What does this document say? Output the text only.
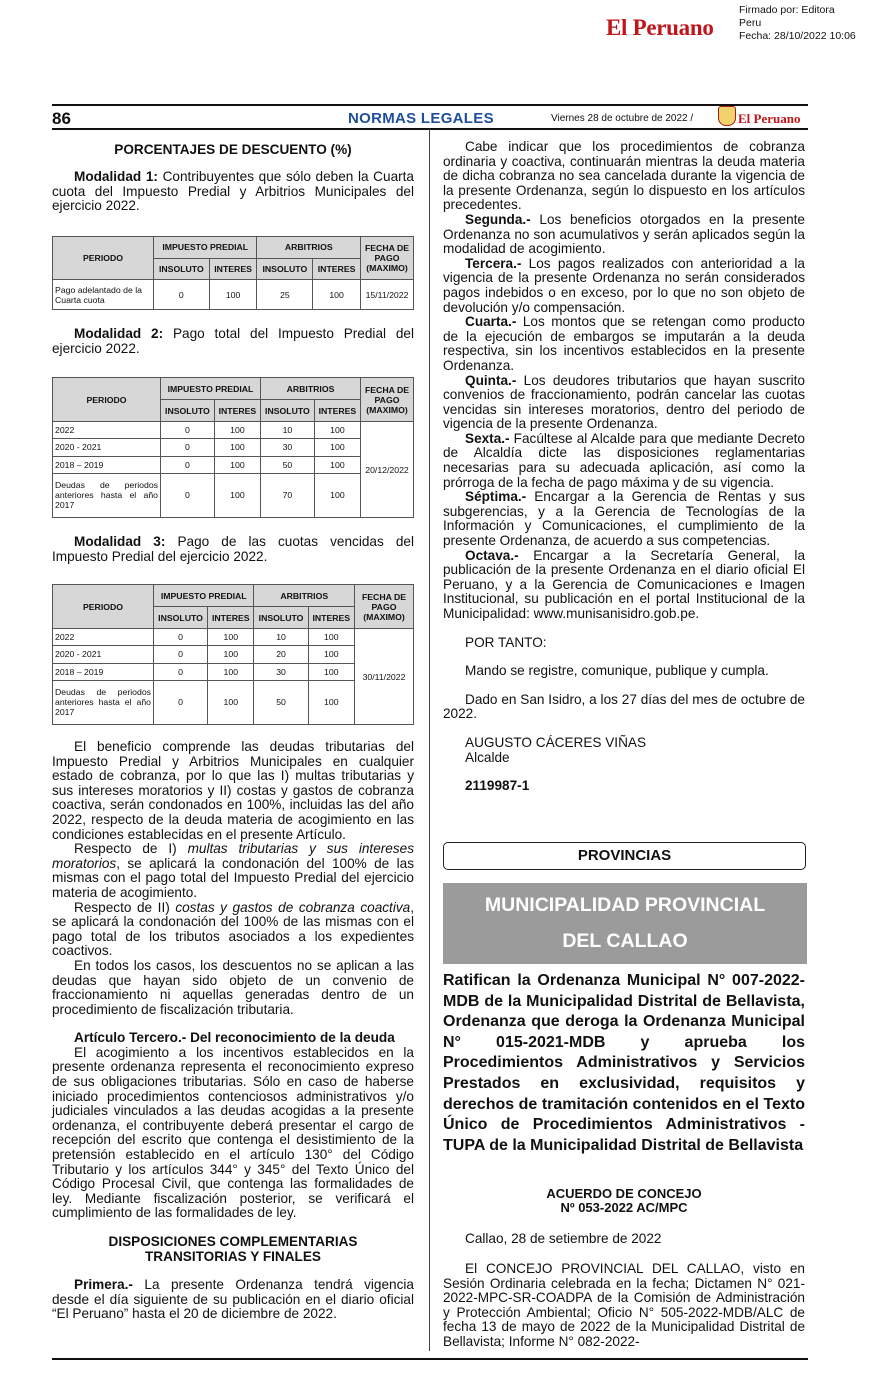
El Peruano
Firmado por: Editora
Peru
Fecha: 28/10/2022 10:06
86	NORMAS LEGALES	Viernes 28 de octubre de 2022 /	El Peruano
PORCENTAJES DE DESCUENTO (%)

Modalidad 1: Contribuyentes que sólo deben la Cuarta cuota del Impuesto Predial y Arbitrios Municipales del ejercicio 2022.

PERIODO	IMPUESTO PREDIAL		ARBITRIOS		FECHA DE PAGO (MAXIMO)
	INSOLUTO	INTERES	INSOLUTO	INTERES	
Pago adelantado de la Cuarta cuota	0	100	25	100	15/11/2022

Modalidad 2: Pago total del Impuesto Predial del ejercicio 2022.

PERIODO	IMPUESTO PREDIAL		ARBITRIOS		FECHA DE PAGO (MAXIMO)
	INSOLUTO	INTERES	INSOLUTO	INTERES	
2022	0	100	10	100	20/12/2022
2020 - 2021	0	100	30	100	
2018 – 2019	0	100	50	100	
Deudas de periodos anteriores hasta el año 2017	0	100	70	100	

Modalidad 3: Pago de las cuotas vencidas del Impuesto Predial del ejercicio 2022.

PERIODO	IMPUESTO PREDIAL		ARBITRIOS		FECHA DE PAGO (MAXIMO)
	INSOLUTO	INTERES	INSOLUTO	INTERES	
2022	0	100	10	100	30/11/2022
2020 - 2021	0	100	20	100	
2018 – 2019	0	100	30	100	
Deudas de periodos anteriores hasta el año 2017	0	100	50	100	

El beneficio comprende las deudas tributarias del Impuesto Predial y Arbitrios Municipales en cualquier estado de cobranza, por lo que las I) multas tributarias y sus intereses moratorios y II) costas y gastos de cobranza coactiva, serán condonados en 100%, incluidas las del año 2022, respecto de la deuda materia de acogimiento en las condiciones establecidas en el presente Artículo.

Respecto de I) multas tributarias y sus intereses moratorios, se aplicará la condonación del 100% de las mismas con el pago total del Impuesto Predial del ejercicio materia de acogimiento.

Respecto de II) costas y gastos de cobranza coactiva, se aplicará la condonación del 100% de las mismas con el pago total de los tributos asociados a los expedientes coactivos.

En todos los casos, los descuentos no se aplican a las deudas que hayan sido objeto de un convenio de fraccionamiento ni aquellas generadas dentro de un procedimiento de fiscalización tributaria.

Artículo Tercero.- Del reconocimiento de la deuda

El acogimiento a los incentivos establecidos en la presente ordenanza representa el reconocimiento expreso de sus obligaciones tributarias. Sólo en caso de haberse iniciado procedimientos contenciosos administrativos y/o judiciales vinculados a las deudas acogidas a la presente ordenanza, el contribuyente deberá presentar el cargo de recepción del escrito que contenga el desistimiento de la pretensión establecido en el artículo 130° del Código Tributario y los artículos 344° y 345° del Texto Único del Código Procesal Civil, que contenga las formalidades de ley. Mediante fiscalización posterior, se verificará el cumplimiento de las formalidades de ley.

DISPOSICIONES COMPLEMENTARIAS

TRANSITORIAS Y FINALES

Primera.- La presente Ordenanza tendrá vigencia desde el día siguiente de su publicación en el diario oficial “El Peruano” hasta el 20 de diciembre de 2022.

Cabe indicar que los procedimientos de cobranza ordinaria y coactiva, continuarán mientras la deuda materia de dicha cobranza no sea cancelada durante la vigencia de la presente Ordenanza, según lo dispuesto en los artículos precedentes.

Segunda.- Los beneficios otorgados en la presente Ordenanza no son acumulativos y serán aplicados según la modalidad de acogimiento.

Tercera.- Los pagos realizados con anterioridad a la vigencia de la presente Ordenanza no serán considerados pagos indebidos o en exceso, por lo que no son objeto de devolución y/o compensación.

Cuarta.- Los montos que se retengan como producto de la ejecución de embargos se imputarán a la deuda respectiva, sin los incentivos establecidos en la presente Ordenanza.

Quinta.- Los deudores tributarios que hayan suscrito convenios de fraccionamiento, podrán cancelar las cuotas vencidas sin intereses moratorios, dentro del periodo de vigencia de la presente Ordenanza.

Sexta.- Facúltese al Alcalde para que mediante Decreto de Alcaldía dicte las disposiciones reglamentarias necesarias para su adecuada aplicación, así como la prórroga de la fecha de pago máxima y de su vigencia.

Séptima.- Encargar a la Gerencia de Rentas y sus subgerencias, y a la Gerencia de Tecnologías de la Información y Comunicaciones, el cumplimiento de la presente Ordenanza, de acuerdo a sus competencias.

Octava.- Encargar a la Secretaría General, la publicación de la presente Ordenanza en el diario oficial El Peruano, y a la Gerencia de Comunicaciones e Imagen Institucional, su publicación en el portal Institucional de la Municipalidad: www.munisanisidro.gob.pe.

POR TANTO:

Mando se registre, comunique, publique y cumpla.

Dado en San Isidro, a los 27 días del mes de octubre de 2022.

AUGUSTO CÁCERES VIÑAS

Alcalde

2119987-1

PROVINCIAS
MUNICIPALIDAD PROVINCIAL
DEL CALLAO
Ratifican la Ordenanza Municipal N° 007-2022-MDB de la Municipalidad Distrital de Bellavista, Ordenanza que deroga la Ordenanza Municipal N° 015-2021-MDB y aprueba los Procedimientos Administrativos y Servicios Prestados en exclusividad, requisitos y derechos de tramitación contenidos en el Texto Único de Procedimientos Administrativos - TUPA de la Municipalidad Distrital de Bellavista

ACUERDO DE CONCEJO

Nº 053-2022 AC/MPC

Callao, 28 de setiembre de 2022

El CONCEJO PROVINCIAL DEL CALLAO, visto en Sesión Ordinaria celebrada en la fecha; Dictamen N° 021-2022-MPC-SR-COADPA de la Comisión de Administración y Protección Ambiental; Oficio N° 505-2022-MDB/ALC de fecha 13 de mayo de 2022 de la Municipalidad Distrital de Bellavista; Informe N° 082-2022-
